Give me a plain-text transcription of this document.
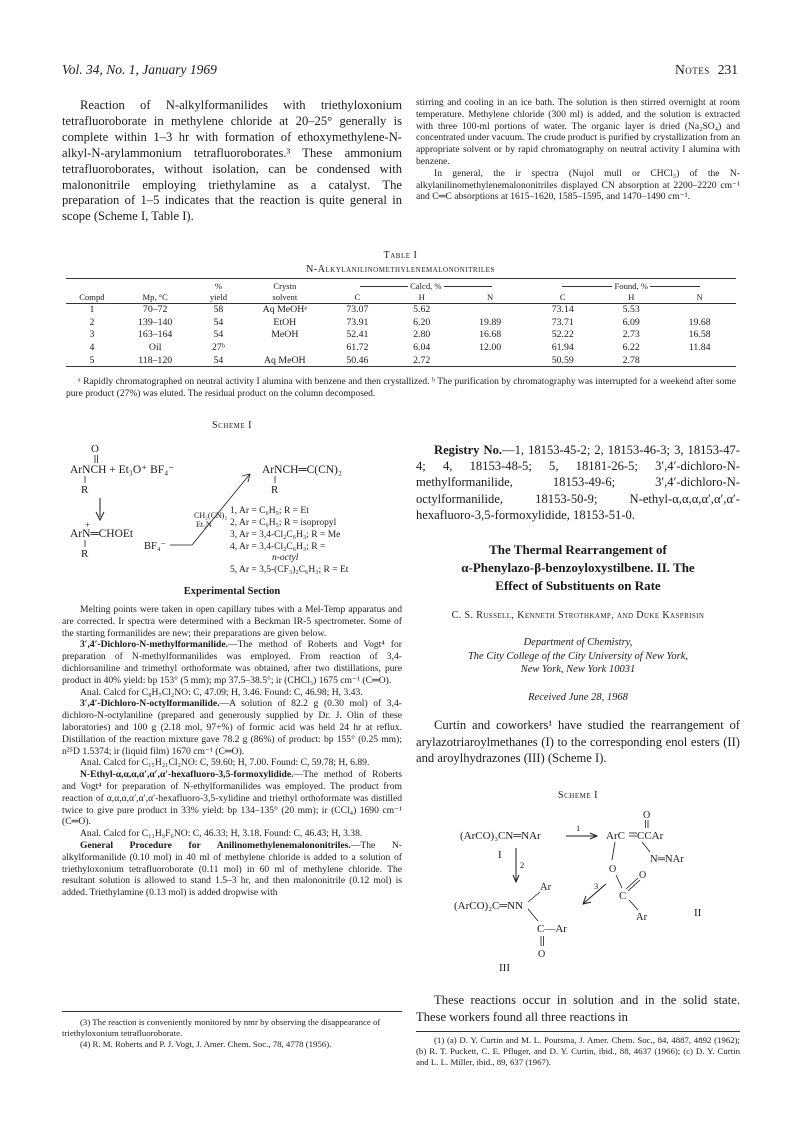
Vol. 34, No. 1, January 1969	Notes 231
Reaction of N-alkylformanilides with triethyloxonium tetrafluoroborate in methylene chloride at 20–25° generally is complete within 1–3 hr with formation of ethoxymethylene-N-alkyl-N-arylammonium tetrafluoroborates.³ These ammonium tetrafluoroborates, without isolation, can be condensed with malononitrile employing triethylamine as a catalyst. The preparation of 1–5 indicates that the reaction is quite general in scope (Scheme I, Table I).

stirring and cooling in an ice bath. The solution is then stirred overnight at room temperature. Methylene chloride (300 ml) is added, and the solution is extracted with three 100-ml portions of water. The organic layer is dried (Na₂SO₄) and concentrated under vacuum. The crude product is purified by crystallization from an appropriate solvent or by rapid chromatography on neutral activity I alumina with benzene.

In general, the ir spectra (Nujol mull or CHCl₃) of the N-alkylanilinomethylenemalononitriles displayed CN absorption at 2200–2220 cm⁻¹ and C═C absorptions at 1615–1620, 1585–1595, and 1470–1490 cm⁻¹.

Table I
N-Alkylanilinomethylenemalononitriles
		%	Crystn	Calcd, %			Found, %		
Compd	Mp, °C	yield	solvent	C	H	N	C	H	N
1	70–72	58	Aq MeOHᵃ	73.07	5.62		73.14	5.53	
2	139–140	54	EtOH	73.91	6.20	19.89	73.71	6.09	19.68
3	163–164	54	MeOH	52.41	2.80	16.68	52.22	2.73	16.58
4	Oil	27ᵇ		61.72	6.04	12.00	61.94	6.22	11.84
5	118–120	54	Aq MeOH	50.46	2.72		50.59	2.78	
ᵃ Rapidly chromatographed on neutral activity I alumina with benzene and then crystallized. ᵇ The purification by chromatography was interrupted for a weekend after some pure product (27%) was eluted. The residual product on the column decomposed.
Scheme I
O
ArNCH + Et₃O⁺ BF₄⁻
R
+
ArN═CHOEt
R
BF₄⁻
CH₂(CN)₂
Et₃N
ArNCH═C(CN)₂
R
1, Ar = C₆H₅; R = Et
2, Ar = C₆H₅; R = isopropyl
3, Ar = 3,4-Cl₂C₆H₃; R = Me
4, Ar = 3,4-Cl₂C₆H₃; R =
n-octyl
5, Ar = 3,5-(CF₃)₂C₆H₃; R = Et
Experimental Section

Melting points were taken in open capillary tubes with a Mel-Temp apparatus and are corrected. Ir spectra were determined with a Beckman IR-5 spectrometer. Some of the starting formanilides are new; their preparations are given below.

3′,4′-Dichloro-N-methylformanilide.—The method of Roberts and Vogt⁴ for preparation of N-methylformanilides was employed. From reaction of 3,4-dichloroaniline and trimethyl orthoformate was obtained, after two distillations, pure product in 40% yield: bp 153° (5 mm); mp 37.5–38.5°; ir (CHCl₃) 1675 cm⁻¹ (C═O).

Anal. Calcd for C₈H₇Cl₂NO: C, 47.09; H, 3.46. Found: C, 46.98; H, 3.43.

3′,4′-Dichloro-N-octylformanilide.—A solution of 82.2 g (0.30 mol) of 3,4-dichloro-N-octylaniline (prepared and generously supplied by Dr. J. Olin of these laboratories) and 100 g (2.18 mol, 97+%) of formic acid was held 24 hr at reflux. Distillation of the reaction mixture gave 78.2 g (86%) of product: bp 155° (0.25 mm); n²⁵D 1.5374; ir (liquid film) 1670 cm⁻¹ (C═O).

Anal. Calcd for C₁₅H₂₁Cl₂NO: C, 59.60; H, 7.00. Found: C, 59.78; H, 6.89.

N-Ethyl-α,α,α,α′,α′,α′-hexafluoro-3,5-formoxylidide.—The method of Roberts and Vogt⁴ for preparation of N-ethylformanilides was employed. The product from reaction of α,α,α,α′,α′,α′-hexafluoro-3,5-xylidine and triethyl orthoformate was distilled twice to give pure product in 33% yield: bp 134–135° (20 mm); ir (CCl₄) 1690 cm⁻¹ (C═O).

Anal. Calcd for C₁₁H₉F₆NO: C, 46.33; H, 3.18. Found: C, 46.43; H, 3.38.

General Procedure for Anilinomethylenemalononitriles.—The N-alkylformanilide (0.10 mol) in 40 ml of methylene chloride is added to a solution of triethyloxonium tetrafluoroborate (0.11 mol) in 60 ml of methylene chloride. The resultant solution is allowed to stand 1.5–3 hr, and then malononitrile (0.12 mol) is added. Triethylamine (0.13 mol) is added dropwise with

(3) The reaction is conveniently monitored by nmr by observing the disappearance of triethyloxonium tetrafluoroborate.

(4) R. M. Roberts and P. J. Vogt, J. Amer. Chem. Soc., 78, 4778 (1956).

Registry No.—1, 18153-45-2; 2, 18153-46-3; 3, 18153-47-4; 4, 18153-48-5; 5, 18181-26-5; 3′,4′-dichloro-N-methylformanilide, 18153-49-6; 3′,4′-dichloro-N-octylformanilide, 18153-50-9; N-ethyl-α,α,α,α′,α′,α′-hexafluoro-3,5-formoxylidide, 18153-51-0.
The Thermal Rearrangement of
α-Phenylazo-β-benzoyloxystilbene. II. The
Effect of Substituents on Rate
C. S. Russell, Kenneth Strothkamp, and Duke Kasprisin
Department of Chemistry,
The City College of the City University of New York,
New York, New York 10031
Received June 28, 1968
Curtin and coworkers¹ have studied the rearrangement of arylazotriaroylmethanes (I) to the corresponding enol esters (II) and aroylhydrazones (III) (Scheme I).
Scheme I
(ArCO)₃CN═NAr
I
1
ArC CCAr
O
N═NAr
O
C
O
Ar	II
2
3
(ArCO)₂C═NN
Ar
C—Ar
O
III
These reactions occur in solution and in the solid state. These workers found all three reactions in

(1) (a) D. Y. Curtin and M. L. Poutsma, J. Amer. Chem. Soc., 84, 4887, 4892 (1962); (b) R. T. Puckett, C. E. Pfluger, and D. Y. Curtin, ibid., 88, 4637 (1966); (c) D. Y. Curtin and L. L. Miller, ibid., 89, 637 (1967).
